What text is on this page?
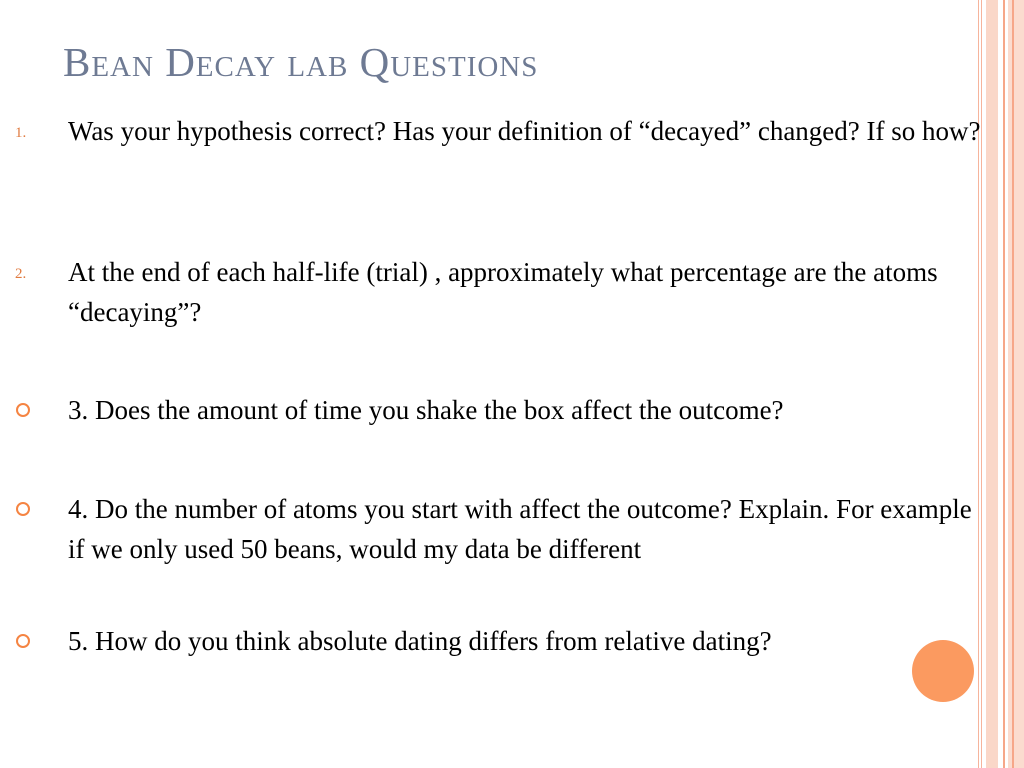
Bean Decay lab Questions
1. Was your hypothesis correct? Has your definition of “decayed” changed? If so how?
2. At the end of each half-life (trial) , approximately what percentage are the atoms “decaying”?
3. Does the amount of time you shake the box affect the outcome?
4. Do the number of atoms you start with affect the outcome? Explain. For example if we only used 50 beans, would my data be different
5. How do you think absolute dating differs from relative dating?
